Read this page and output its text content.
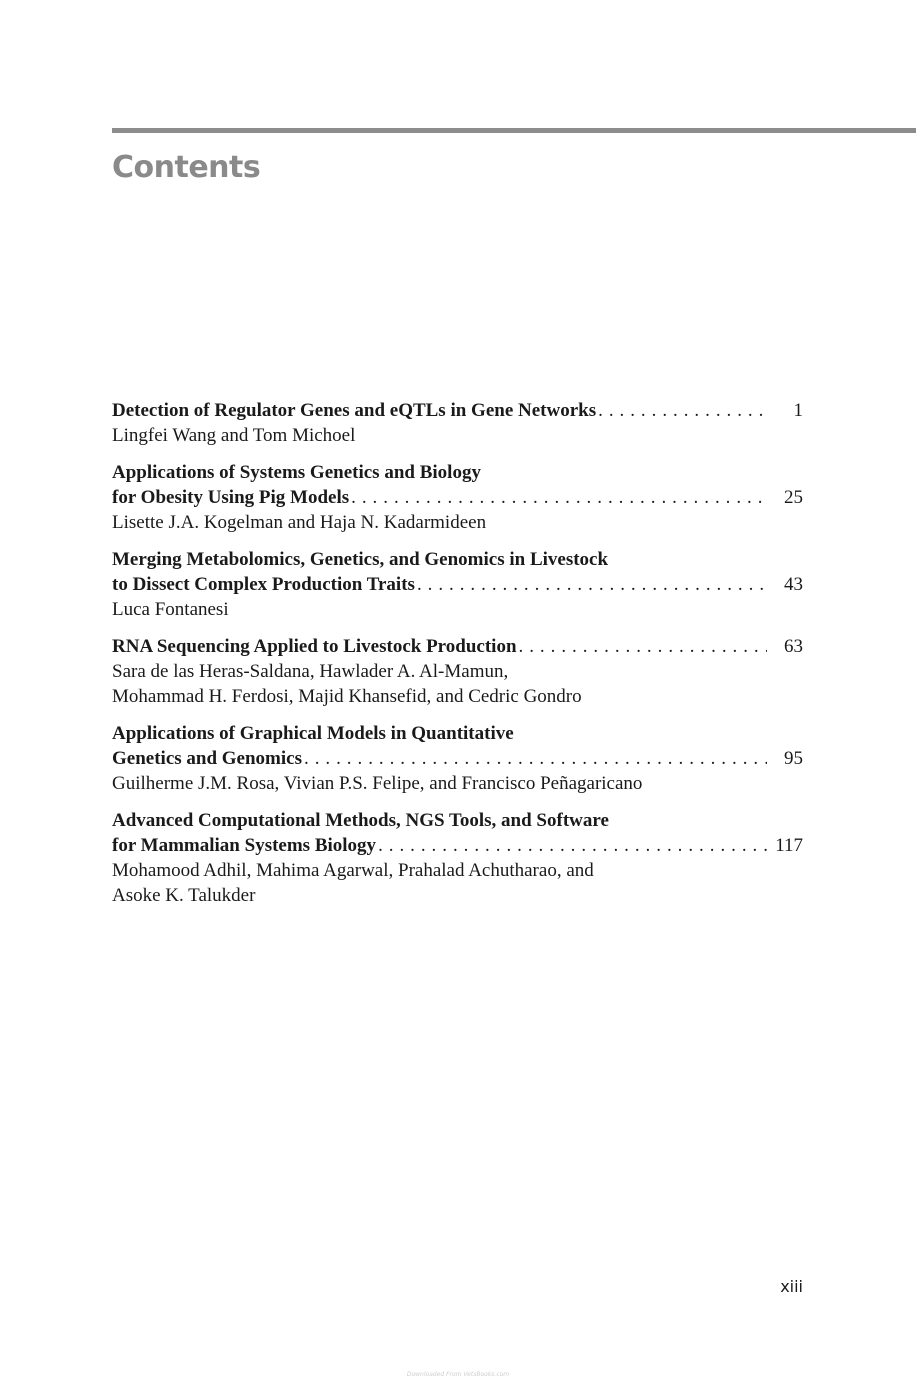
Contents
Detection of Regulator Genes and eQTLs in Gene Networks . . .	1
Lingfei Wang and Tom Michoel
Applications of Systems Genetics and Biology
for Obesity Using Pig Models . . .	25
Lisette J.A. Kogelman and Haja N. Kadarmideen
Merging Metabolomics, Genetics, and Genomics in Livestock
to Dissect Complex Production Traits . . .	43
Luca Fontanesi
RNA Sequencing Applied to Livestock Production . . .	63
Sara de las Heras-Saldana, Hawlader A. Al-Mamun,
Mohammad H. Ferdosi, Majid Khansefid, and Cedric Gondro
Applications of Graphical Models in Quantitative
Genetics and Genomics . . .	95
Guilherme J.M. Rosa, Vivian P.S. Felipe, and Francisco Peñagaricano
Advanced Computational Methods, NGS Tools, and Software
for Mammalian Systems Biology . . .	117
Mohamood Adhil, Mahima Agarwal, Prahalad Achutharao, and
Asoke K. Talukder
xiii
Downloaded From VetsBooks.com
